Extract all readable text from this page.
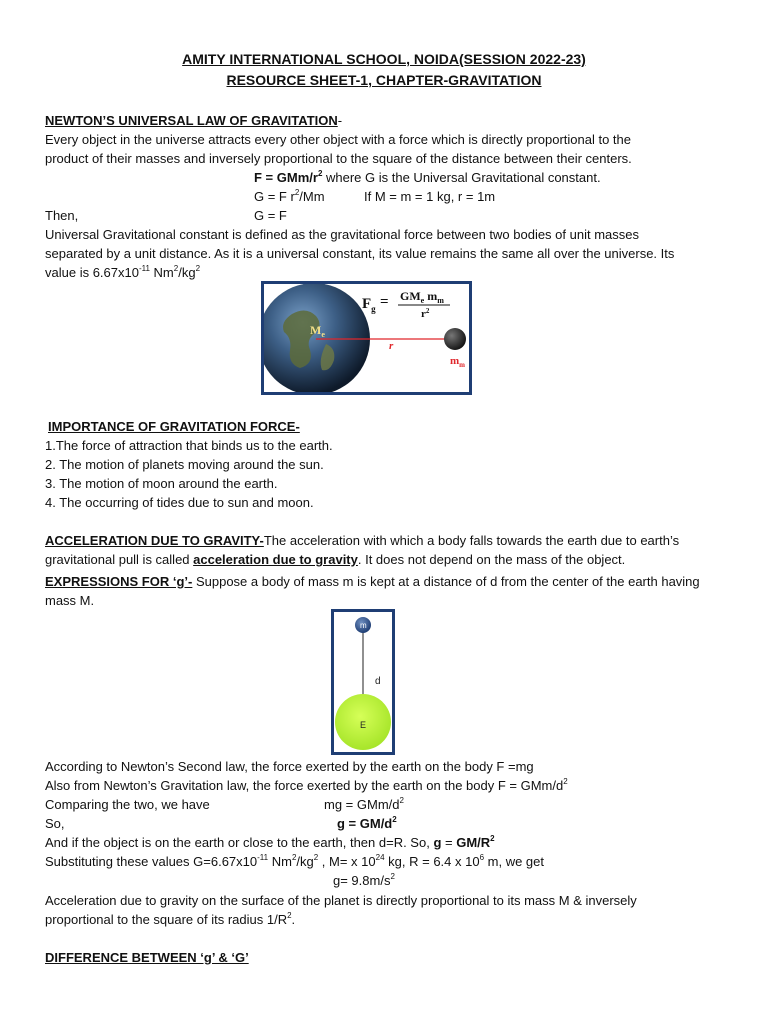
AMITY INTERNATIONAL SCHOOL, NOIDA(SESSION 2022-23)
RESOURCE SHEET-1, CHAPTER-GRAVITATION
NEWTON’S UNIVERSAL LAW OF GRAVITATION-
Every object in the universe attracts every other object with a force which is directly proportional to the
product of their masses and inversely proportional to the square of the distance between their centers.
F = GMm/$r^2$ where G is the Universal Gravitational constant.
G = F $r^2/Mm$	If M = m = 1 kg, r = 1m
Then,	G = F
Universal Gravitational constant is defined as the gravitational force between two bodies of unit masses
separated by a unit distance. As it is a universal constant, its value remains the same all over the universe. Its
value is $6.67x10^{-11}$ $Nm^2/kg^2$
$M_e$
r
$m_m$
$F_g = GM_e$ $m_m$
$r^2$
IMPORTANCE OF GRAVITATION FORCE-
1.The force of attraction that binds us to the earth.
2. The motion of planets moving around the sun.
3. The motion of moon around the earth.
4. The occurring of tides due to sun and moon.
ACCELERATION DUE TO GRAVITY-The acceleration with which a body falls towards the earth due to earth’s
gravitational pull is called acceleration due to gravity. It does not depend on the mass of the object.
EXPRESSIONS FOR ‘g’- Suppose a body of mass m is kept at a distance of d from the center of the earth having
mass M.
m
d
E
According to Newton’s Second law, the force exerted by the earth on the body F =mg
Also from Newton’s Gravitation law, the force exerted by the earth on the body F = GMm/$d^2$
Comparing the two, we have	mg = GMm/$d^2$
So,	$g = GM/d^2$
And if the object is on the earth or close to the earth, then d=R. So, $g = GM/R^2$
Substituting these values $G=6.67x10^{-11}$ $Nm^2/kg^2$ , M= x $10^{24}$ kg, R = 6.4 x $10^6$ m, we get
$g= 9.8m/s^2$
Acceleration due to gravity on the surface of the planet is directly proportional to its mass M & inversely
proportional to the square of its radius $1/R^2$.
DIFFERENCE BETWEEN ‘g’ & ‘G’
